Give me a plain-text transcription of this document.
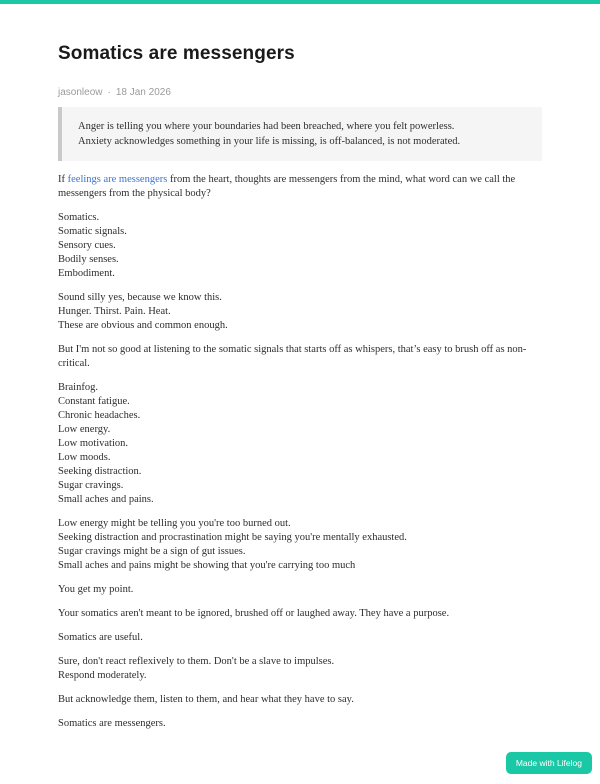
Somatics are messengers
jasonleow · 18 Jan 2026
Anger is telling you where your boundaries had been breached, where you felt powerless.
Anxiety acknowledges something in your life is missing, is off-balanced, is not moderated.

If feelings are messengers from the heart, thoughts are messengers from the mind, what word can we call the messengers from the physical body?

Somatics.
Somatic signals.
Sensory cues.
Bodily senses.
Embodiment.

Sound silly yes, because we know this.
Hunger. Thirst. Pain. Heat.
These are obvious and common enough.

But I'm not so good at listening to the somatic signals that starts off as whispers, that’s easy to brush off as non-critical.

Brainfog.
Constant fatigue.
Chronic headaches.
Low energy.
Low motivation.
Low moods.
Seeking distraction.
Sugar cravings.
Small aches and pains.

Low energy might be telling you you're too burned out.
Seeking distraction and procrastination might be saying you're mentally exhausted.
Sugar cravings might be a sign of gut issues.
Small aches and pains might be showing that you're carrying too much

You get my point.

Your somatics aren't meant to be ignored, brushed off or laughed away. They have a purpose.

Somatics are useful.

Sure, don't react reflexively to them. Don't be a slave to impulses.
Respond moderately.

But acknowledge them, listen to them, and hear what they have to say.

Somatics are messengers.

Made with Lifelog
